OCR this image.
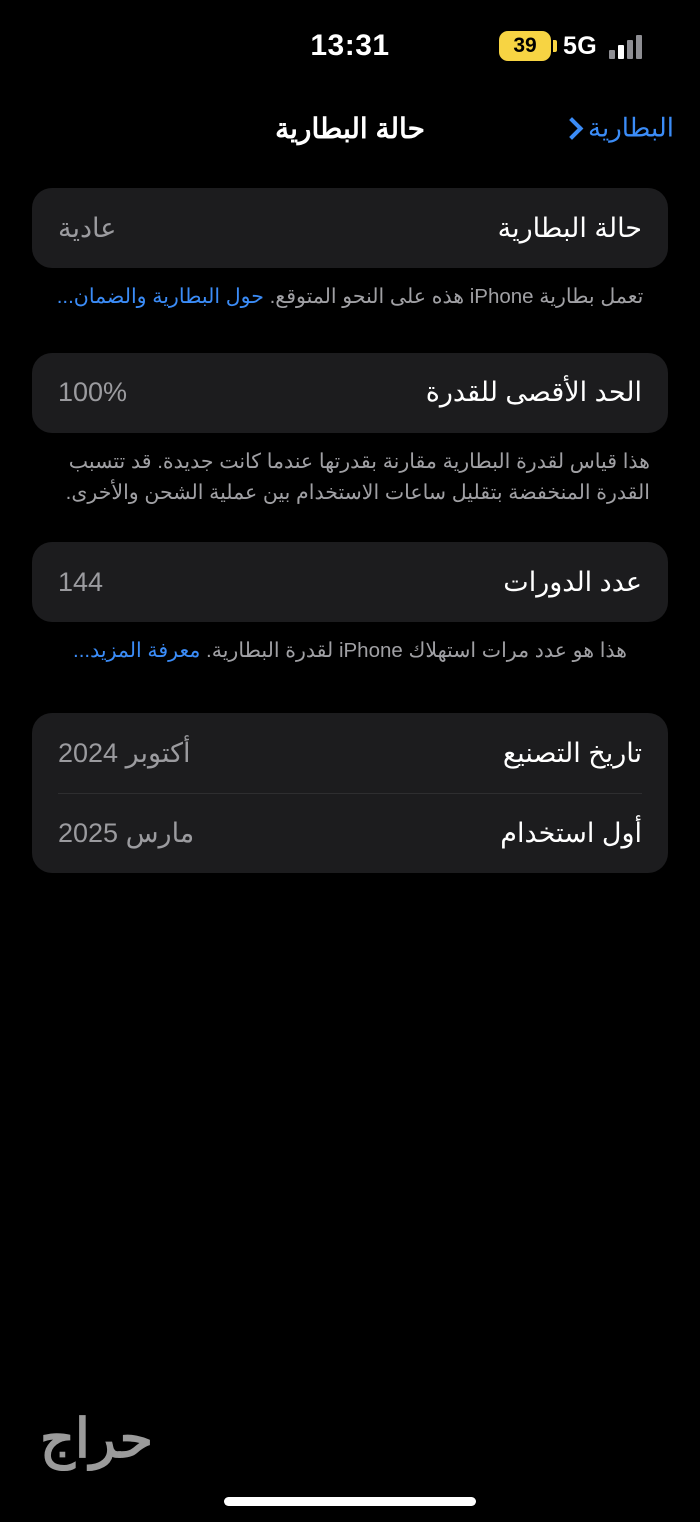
39 5G
13:31
حالة البطارية	البطارية
حالة البطارية
عادية
تعمل بطارية iPhone هذه على النحو المتوقع. حول البطارية والضمان...
الحد الأقصى للقدرة
100%
هذا قياس لقدرة البطارية مقارنة بقدرتها عندما كانت جديدة. قد تتسبب القدرة المنخفضة بتقليل ساعات الاستخدام بين عملية الشحن والأخرى.
عدد الدورات
144
هذا هو عدد مرات استهلاك iPhone لقدرة البطارية. معرفة المزيد...
تاريخ التصنيع
أكتوبر 2024
أول استخدام
مارس 2025
حراج
